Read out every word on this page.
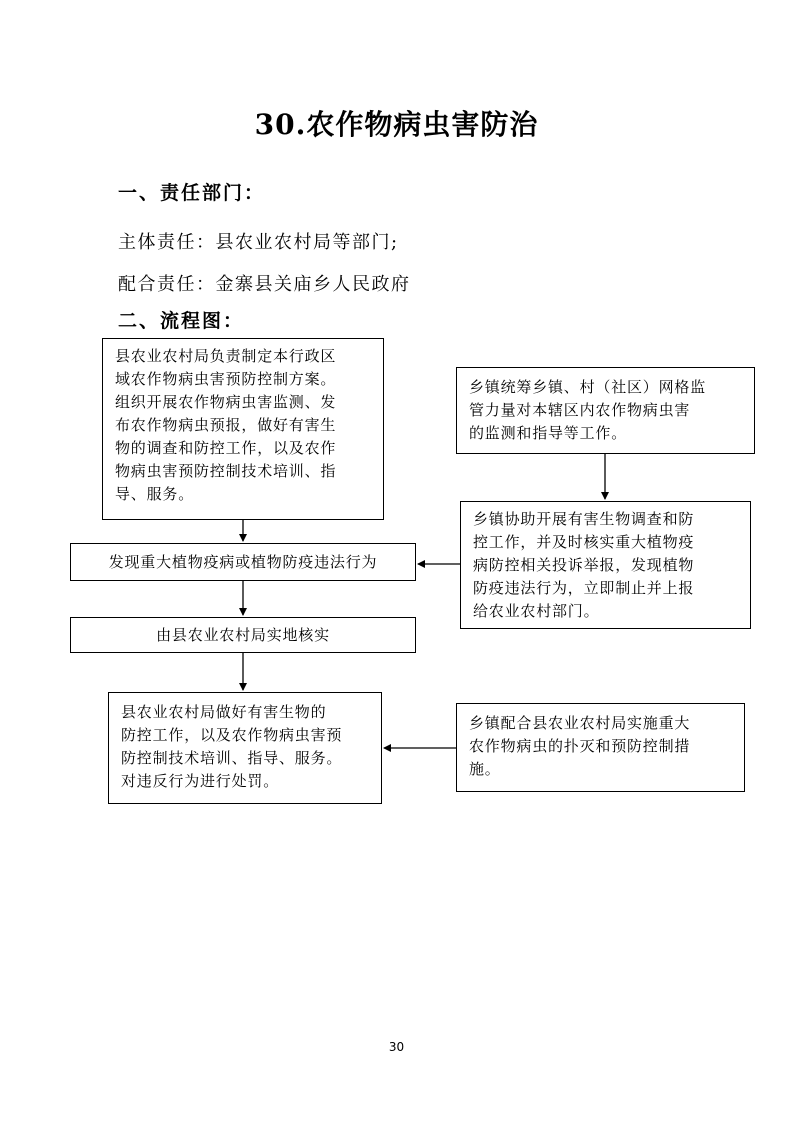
30.农作物病虫害防治
一、责任部门：
主体责任：县农业农村局等部门;
配合责任：金寨县关庙乡人民政府
二、流程图：
县农业农村局负责制定本行政区
域农作物病虫害预防控制方案。
组织开展农作物病虫害监测、发
布农作物病虫预报，做好有害生
物的调查和防控工作，以及农作
物病虫害预防控制技术培训、指
导、服务。
乡镇统筹乡镇、村（社区）网格监
管力量对本辖区内农作物病虫害
的监测和指导等工作。
发现重大植物疫病或植物防疫违法行为
乡镇协助开展有害生物调查和防
控工作，并及时核实重大植物疫
病防控相关投诉举报，发现植物
防疫违法行为，立即制止并上报
给农业农村部门。
由县农业农村局实地核实
县农业农村局做好有害生物的
防控工作，以及农作物病虫害预
防控制技术培训、指导、服务。
对违反行为进行处罚。
乡镇配合县农业农村局实施重大
农作物病虫的扑灭和预防控制措
施。
30
